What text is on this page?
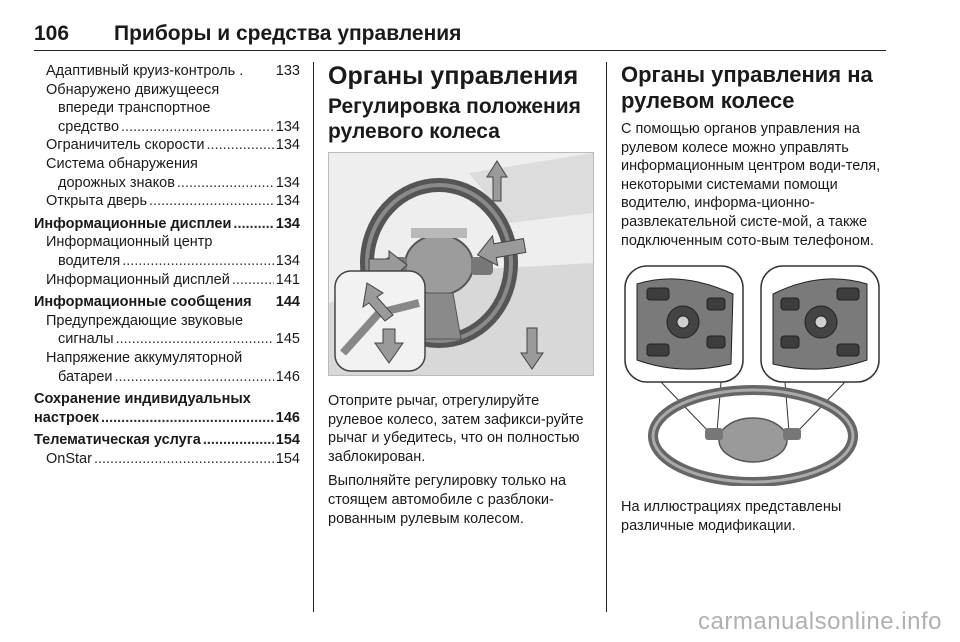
106 Приборы и средства управления
Адаптивный круиз-контроль . 133
Обнаружено движущееся
впереди транспортное
средство .....	134
Ограничитель скорости .....	134
Система обнаружения
дорожных знаков .....	134
Открыта дверь .....	134
Информационные дисплеи .....	134
Информационный центр
водителя .....	134
Информационный дисплей .....	141
Информационные сообщения 144
Предупреждающие звуковые
сигналы .....	145
Напряжение аккумуляторной
батареи .....	146
Сохранение индивидуальных
настроек .....	146
Телематическая услуга .....	154
OnStar .....	154
Органы управления
Регулировка положения
рулевого колеса

Отоприте рычаг, отрегулируйте рулевое колесо, затем зафикси-руйте рычаг и убедитесь, что он полностью заблокирован.

Выполняйте регулировку только на стоящем автомобиле с разблоки-рованным рулевым колесом.

Органы управления на
рулевом колесе

С помощью органов управления на рулевом колесе можно управлять информационным центром води-теля, некоторыми системами помощи водителю, информа-ционно-развлекательной систе-мой, а также подключенным сото-вым телефоном.

На иллюстрациях представлены различные модификации.

carmanualsonline.info
